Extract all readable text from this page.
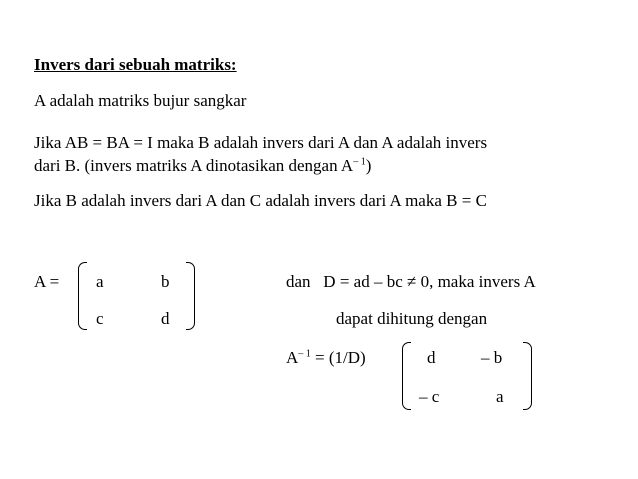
Invers dari sebuah matriks:
A adalah matriks bujur sangkar
Jika AB = BA = I maka B adalah invers dari A dan A adalah invers
dari B. (invers matriks A dinotasikan dengan $A^{- 1}$)
Jika B adalah invers dari A dan C adalah invers dari A maka B = C
A = a	b
c	d
dan   D = ad – bc ≠ 0, maka invers A
dapat dihitung dengan
$A^{- 1} = (1/D)$	d	– b
– c	a
